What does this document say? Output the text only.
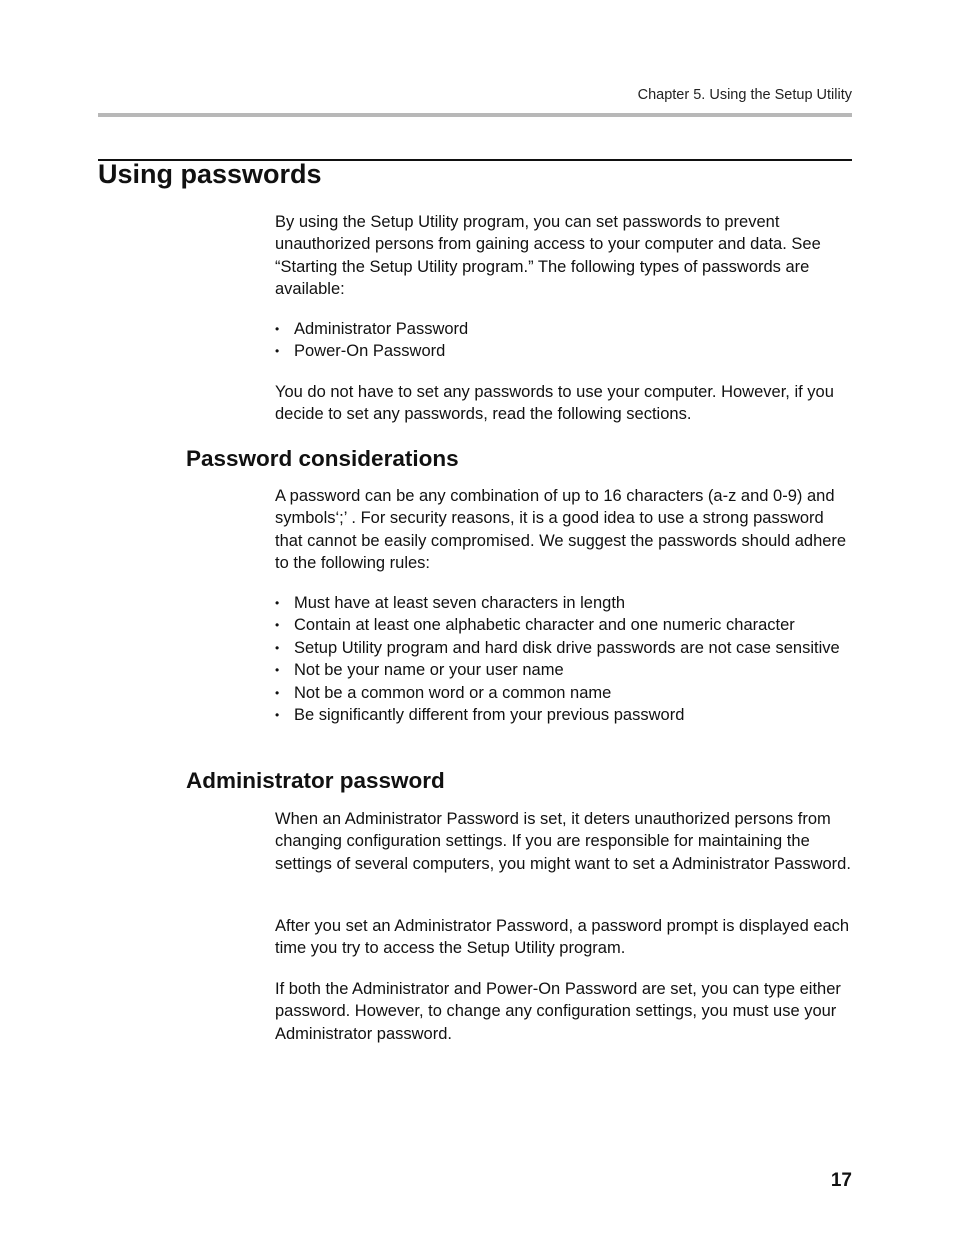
Chapter 5. Using the Setup Utility
Using passwords

By using the Setup Utility program, you can set passwords to prevent unauthorized persons from gaining access to your computer and data. See “Starting the Setup Utility program.” The following types of passwords are available:

• Administrator Password
• Power-On Password

You do not have to set any passwords to use your computer. However, if you decide to set any passwords, read the following sections.

Password considerations

A password can be any combination of up to 16 characters (a-z and 0-9) and symbols‘;’ . For security reasons, it is a good idea to use a strong password that cannot be easily compromised. We suggest the passwords should adhere to the following rules:

• Must have at least seven characters in length
• Contain at least one alphabetic character and one numeric character
• Setup Utility program and hard disk drive passwords are not case sensitive
• Not be your name or your user name
• Not be a common word or a common name
• Be significantly different from your previous password
Administrator password

When an Administrator Password is set, it deters unauthorized persons from changing configuration settings. If you are responsible for maintaining the settings of several computers, you might want to set a Administrator Password.

After you set an Administrator Password, a password prompt is displayed each time you try to access the Setup Utility program.

If both the Administrator and Power-On Password are set, you can type either password. However, to change any configuration settings, you must use your Administrator password.

17
